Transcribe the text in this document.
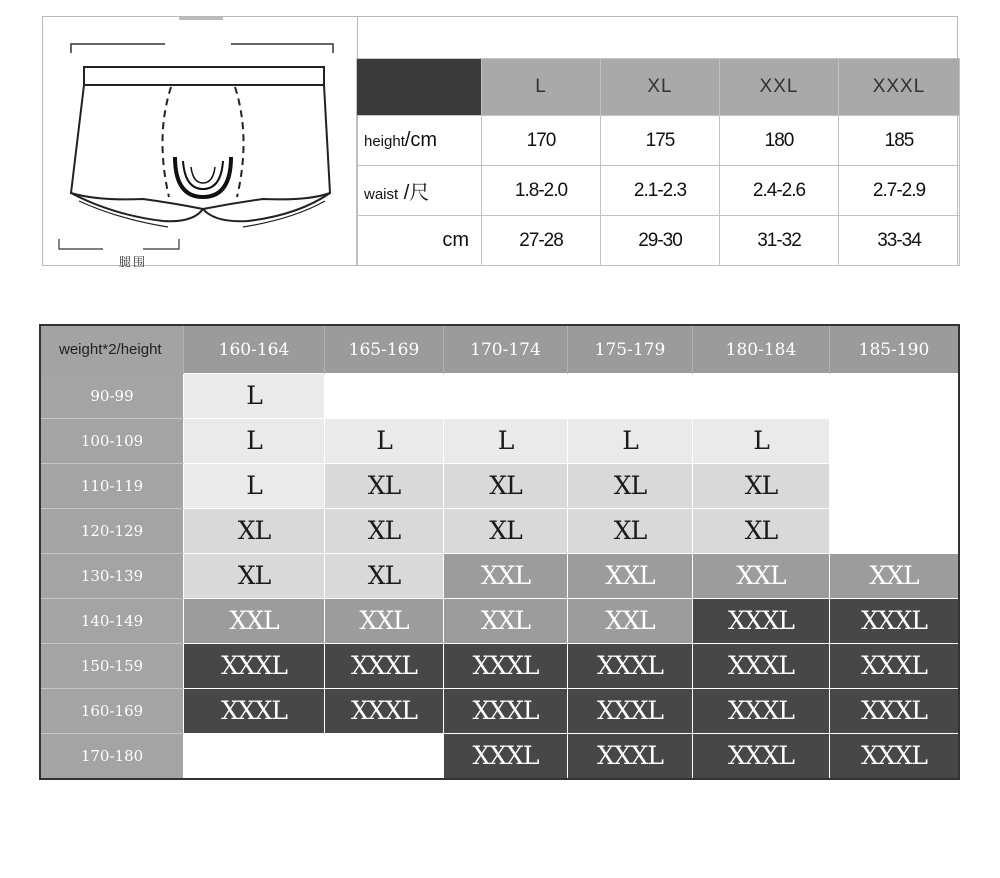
腿围
	L	XL	XXL	XXXL
height/cm	170	175	180	185
waist /尺	1.8-2.0	2.1-2.3	2.4-2.6	2.7-2.9
cm	27-28	29-30	31-32	33-34
weight*2/height	160-164	165-169	170-174	175-179	180-184	185-190
90-99	L					
100-109	L	L	L	L	L	
110-119	L	XL	XL	XL	XL	
120-129	XL	XL	XL	XL	XL	
130-139	XL	XL	XXL	XXL	XXL	XXL
140-149	XXL	XXL	XXL	XXL	XXXL	XXXL
150-159	XXXL	XXXL	XXXL	XXXL	XXXL	XXXL
160-169	XXXL	XXXL	XXXL	XXXL	XXXL	XXXL
170-180			XXXL	XXXL	XXXL	XXXL
